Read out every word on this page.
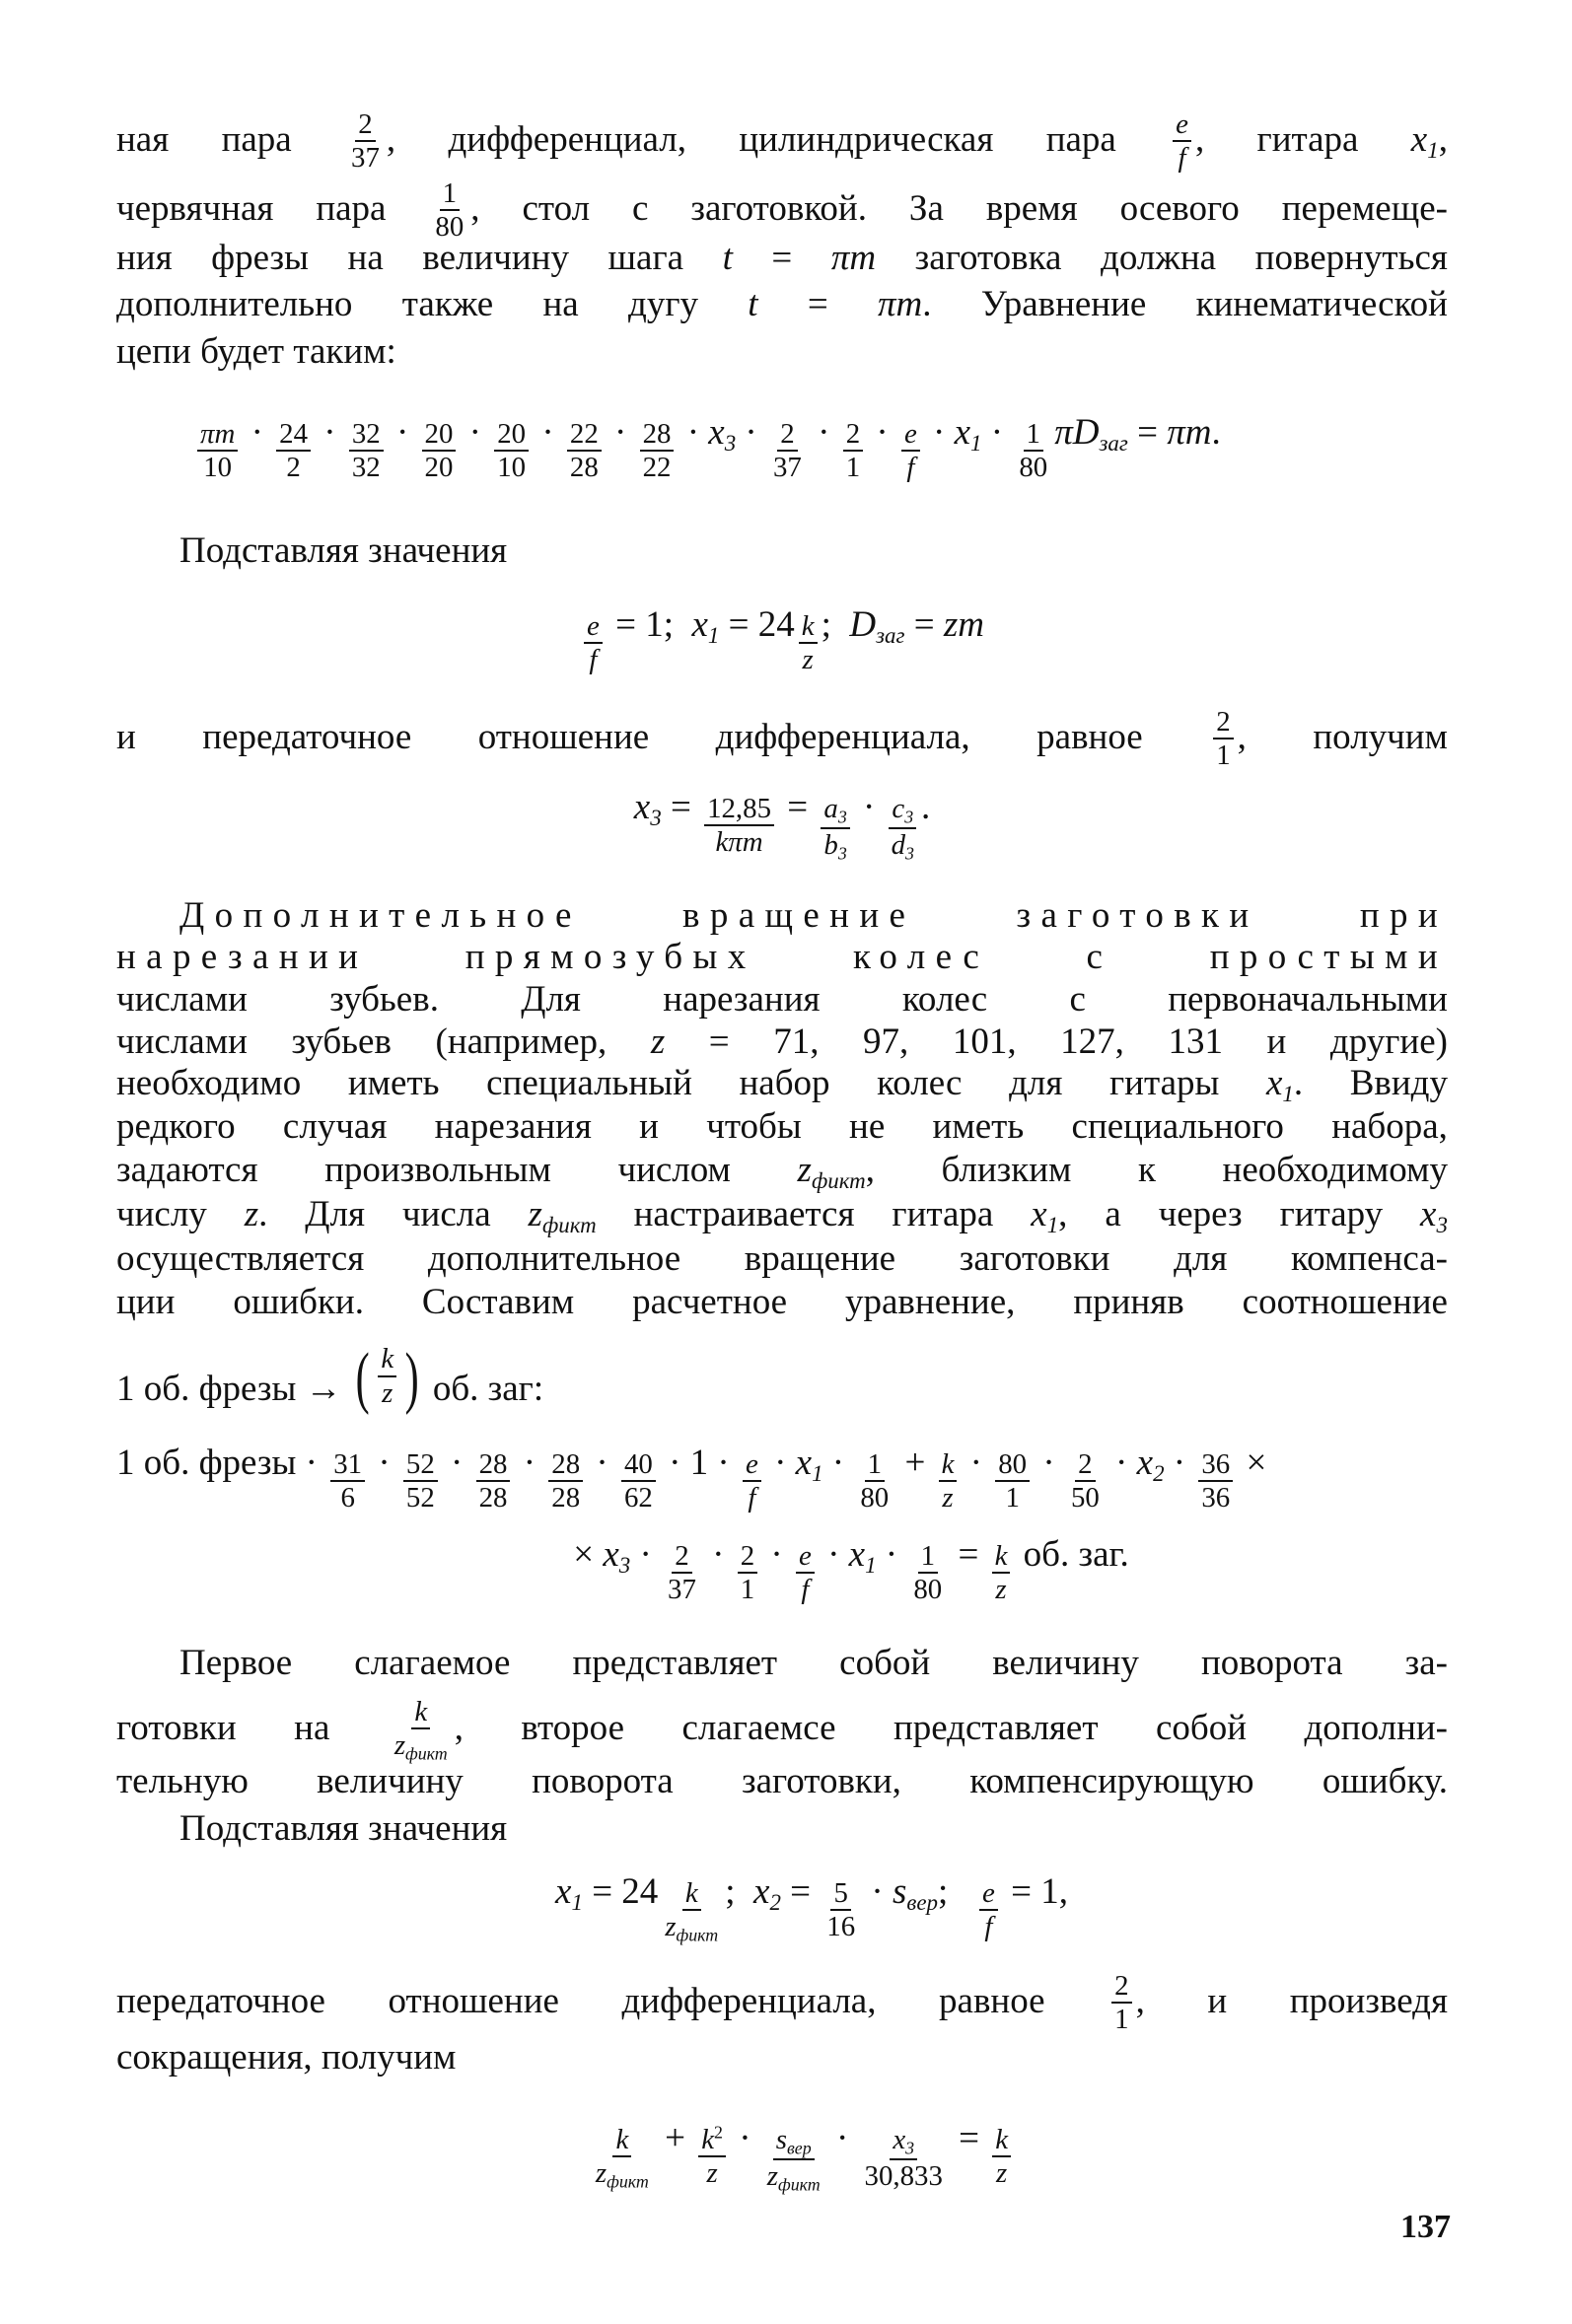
ная пара $\frac{2}{37}$ , дифференциал, цилиндрическая пара $\frac{e}{f}$ , гитара $x_1$,
червячная пара $\frac{1}{80}$ , стол с заготовкой. За время осевого перемеще-
ния фрезы на величину шага t = πm заготовка должна повернуться
дополнительно также на дугу t = πm. Уравнение кинематической
цепи будет таким:
$\frac{\pi m}{10} \cdot \frac{24}{2} \cdot \frac{32}{32} \cdot \frac{20}{20} \cdot \frac{20}{10} \cdot \frac{22}{28} \cdot \frac{28}{22} \cdot x_3 \cdot \frac{2}{37} \cdot \frac{2}{1} \cdot \frac{e}{f} \cdot x_1 \cdot \frac{1}{80} \pi D_{заг} = \pi m$ .
Подставляя значения
$\frac{e}{f} = 1$; $x_1 = 24 \frac{k}{z}$ ; $D_{заг}$ = zm
и передаточное отношение дифференциала, равное $\frac{2}{1}$ , получим
$x_3 = \frac{12,85}{\text{kπm}} = \frac{a_3}{b_3} \cdot \frac{c_3}{d_3}$ .
Дополнительное	вращение	заготовки	при
нарезании	прямозубых	колес	с	простыми
числами зубьев. Для нарезания колес с первоначальными
числами зубьев (например, z = 71, 97, 101, 127, 131 и другие)
необходимо иметь специальный набор колес для гитары $x_1$. Ввиду
редкого случая нарезания и чтобы не иметь специального набора,
задаются произвольным числом $z_{фикт}$, близким к необходимому
числу z. Для числа $z_{фикт}$ настраивается гитара $x_1$, а через гитару $x_3$
осуществляется дополнительное вращение заготовки для компенса-
ции ошибки. Составим расчетное уравнение, приняв соотношение
1 об. фрезы → ( $\frac{k}{z}$ ) об. заг:
1 об. фрезы · $\frac{31}{6} \cdot \frac{52}{52} \cdot \frac{28}{28} \cdot \frac{28}{28} \cdot \frac{40}{62} \cdot 1 \cdot \frac{e}{f} \cdot x_1 \cdot \frac{1}{80} + \frac{k}{z} \cdot \frac{80}{1} \cdot \frac{2}{50} \cdot x_2 \cdot \frac{36}{36}$ ×
× $x_3 \cdot \frac{2}{37} \cdot \frac{2}{1} \cdot \frac{e}{f} \cdot x_1 \cdot \frac{1}{80} = \frac{k}{z}$ об. заг.
Первое слагаемое представляет собой величину поворота за-
готовки на $\frac{k}{z_{фикт}}$ , второе слагаемсе представляет собой дополни-
тельную величину поворота заготовки, компенсирующую ошибку.
Подставляя значения
$x_1 = 24 \frac{k}{z_{фикт}}$ ; $x_2 = \frac{5}{16} \cdot s_{вер}$ ; $\frac{e}{f} = 1$,
передаточное отношение дифференциала, равное $\frac{2}{1}$ , и произведя
сокращения, получим
$\frac{k}{z_{фикт}} + \frac{k^2}{z} \cdot \frac{s_{вер}}{z_{фикт}} \cdot \frac{x_3}{30,833} = \frac{k}{z}$
137
